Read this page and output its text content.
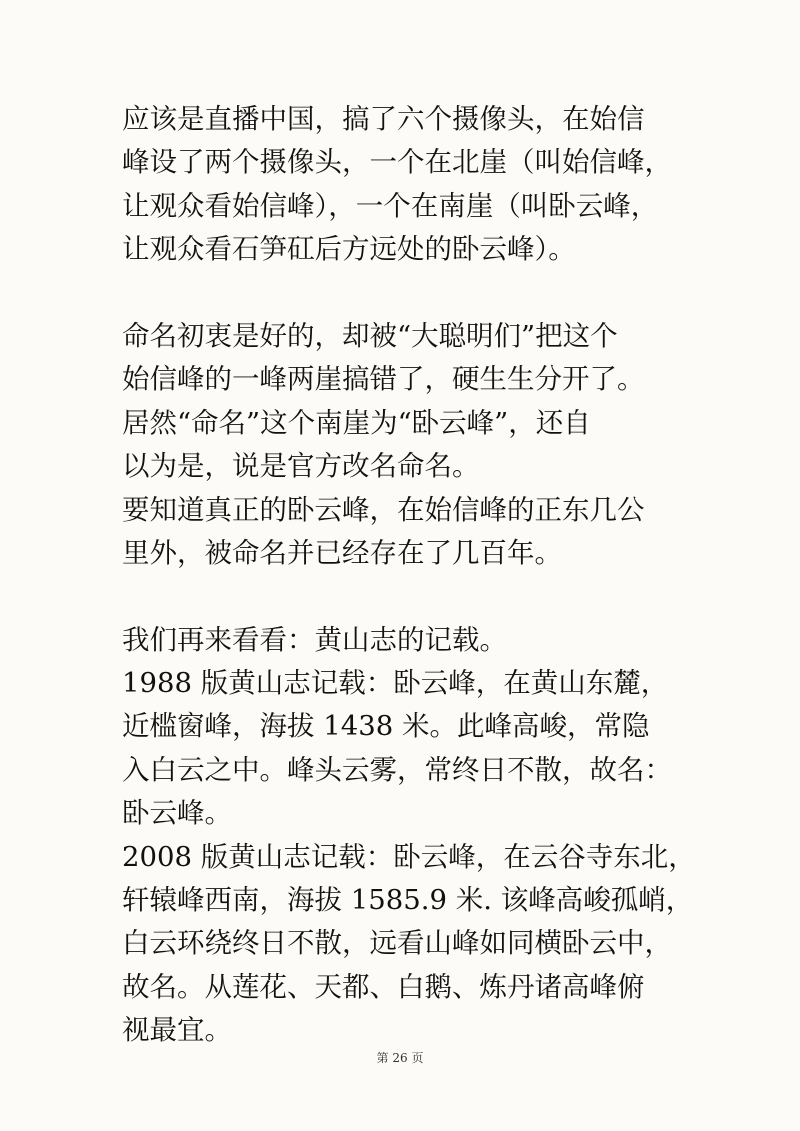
应该是直播中国，搞了六个摄像头，在始信
峰设了两个摄像头，一个在北崖（叫始信峰，
让观众看始信峰），一个在南崖（叫卧云峰，
让观众看石笋矼后方远处的卧云峰）。
命名初衷是好的，却被“大聪明们”把这个
始信峰的一峰两崖搞错了，硬生生分开了。
居然“命名”这个南崖为“卧云峰”，还自
以为是，说是官方改名命名。
要知道真正的卧云峰，在始信峰的正东几公
里外，被命名并已经存在了几百年。
我们再来看看：黄山志的记载。
1988 版黄山志记载：卧云峰，在黄山东麓，
近槛窗峰，海拔 1438 米。此峰高峻，常隐
入白云之中。峰头云雾，常终日不散，故名：
卧云峰。
2008 版黄山志记载：卧云峰，在云谷寺东北，
轩辕峰西南，海拔 1585.9 米. 该峰高峻孤峭，
白云环绕终日不散，远看山峰如同横卧云中，
故名。从莲花、天都、白鹅、炼丹诸高峰俯
视最宜。
第 26 页
